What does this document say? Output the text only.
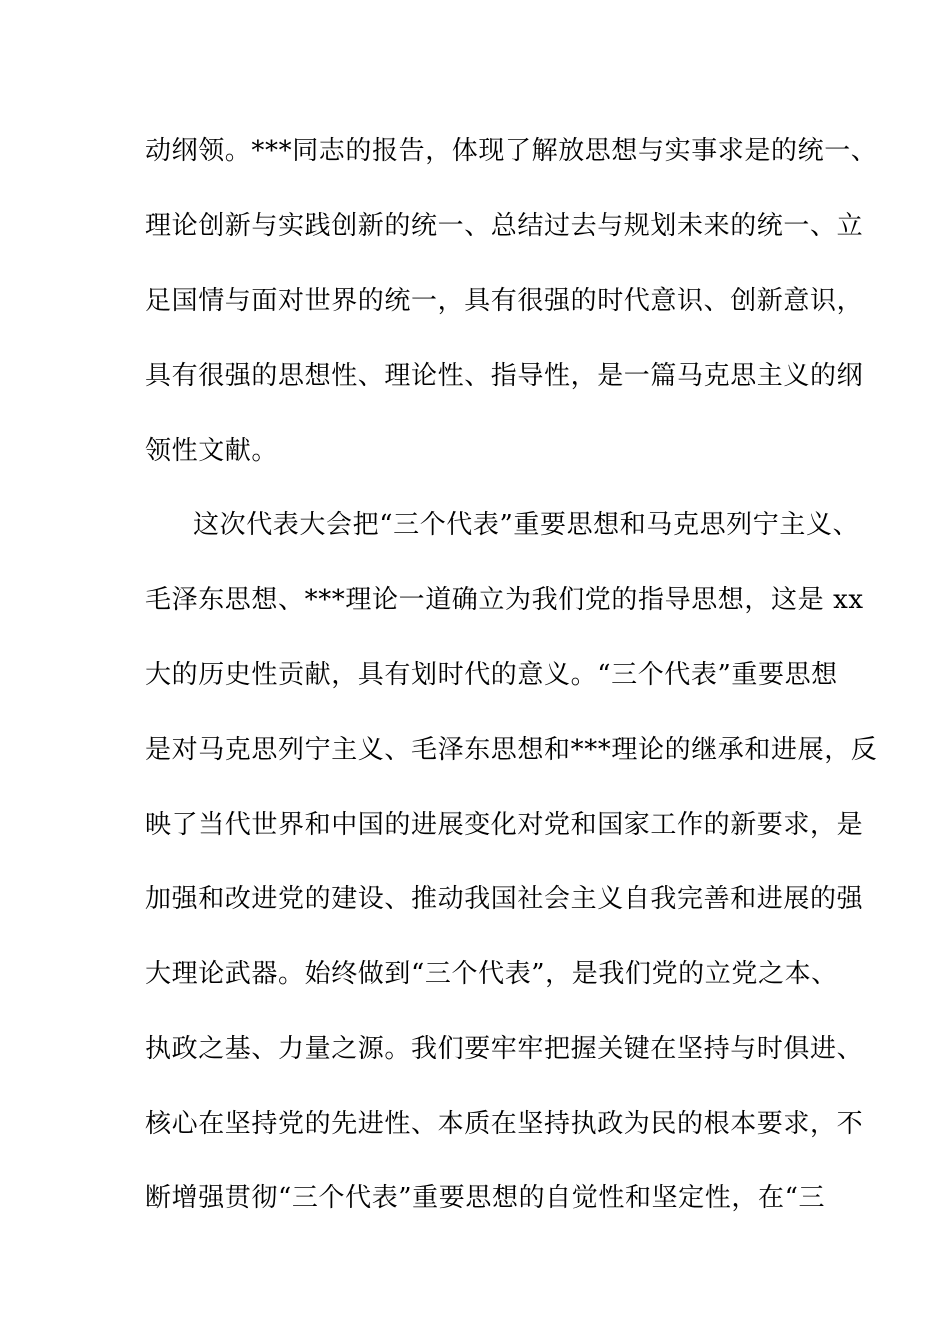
动纲领。***同志的报告，体现了解放思想与实事求是的统一、
理论创新与实践创新的统一、总结过去与规划未来的统一、立
足国情与面对世界的统一，具有很强的时代意识、创新意识，
具有很强的思想性、理论性、指导性，是一篇马克思主义的纲
领性文献。
这次代表大会把“三个代表”重要思想和马克思列宁主义、
毛泽东思想、***理论一道确立为我们党的指导思想，这是 xx
大的历史性贡献，具有划时代的意义。“三个代表”重要思想
是对马克思列宁主义、毛泽东思想和***理论的继承和进展，反
映了当代世界和中国的进展变化对党和国家工作的新要求，是
加强和改进党的建设、推动我国社会主义自我完善和进展的强
大理论武器。始终做到“三个代表”，是我们党的立党之本、
执政之基、力量之源。我们要牢牢把握关键在坚持与时俱进、
核心在坚持党的先进性、本质在坚持执政为民的根本要求，不
断增强贯彻“三个代表”重要思想的自觉性和坚定性，在“三
